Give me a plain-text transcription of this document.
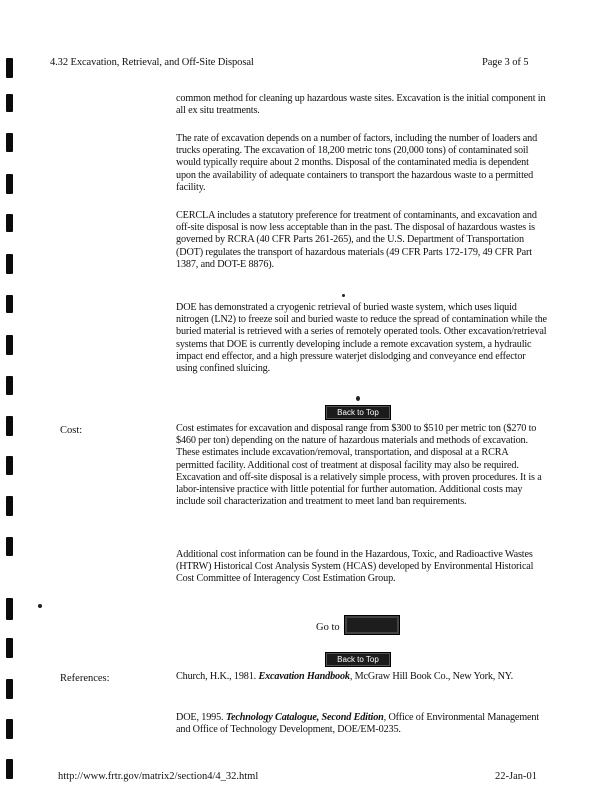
4.32 Excavation, Retrieval, and Off-Site Disposal	Page 3 of 5

common method for cleaning up hazardous waste sites. Excavation is the initial component in all ex situ treatments.

The rate of excavation depends on a number of factors, including the number of loaders and trucks operating. The excavation of 18,200 metric tons (20,000 tons) of contaminated soil would typically require about 2 months. Disposal of the contaminated media is dependent upon the availability of adequate containers to transport the hazardous waste to a permitted facility.

CERCLA includes a statutory preference for treatment of contaminants, and excavation and off-site disposal is now less acceptable than in the past. The disposal of hazardous wastes is governed by RCRA (40 CFR Parts 261-265), and the U.S. Department of Transportation (DOT) regulates the transport of hazardous materials (49 CFR Parts 172-179, 49 CFR Part 1387, and DOT-E 8876).

DOE has demonstrated a cryogenic retrieval of buried waste system, which uses liquid nitrogen (LN2) to freeze soil and buried waste to reduce the spread of contamination while the buried material is retrieved with a series of remotely operated tools. Other excavation/retrieval systems that DOE is currently developing include a remote excavation system, a hydraulic impact end effector, and a high pressure waterjet dislodging and conveyance end effector using confined sluicing.

Back to Top
Cost:	Cost estimates for excavation and disposal range from $300 to $510 per metric ton ($270 to $460 per ton) depending on the nature of hazardous materials and methods of excavation. These estimates include excavation/removal, transportation, and disposal at a RCRA permitted facility. Additional cost of treatment at disposal facility may also be required. Excavation and off-site disposal is a relatively simple process, with proven procedures. It is a labor-intensive practice with little potential for further automation. Additional costs may include soil characterization and treatment to meet land ban requirements.

Additional cost information can be found in the Hazardous, Toxic, and Radioactive Wastes (HTRW) Historical Cost Analysis System (HCAS) developed by Environmental Historical Cost Committee of Interagency Cost Estimation Group.

Go to
Back to Top
References:	Church, H.K., 1981. Excavation Handbook, McGraw Hill Book Co., New York, NY.
DOE, 1995. Technology Catalogue, Second Edition, Office of Environmental Management and Office of Technology Development, DOE/EM-0235.
http://www.frtr.gov/matrix2/section4/4_32.html	22-Jan-01
